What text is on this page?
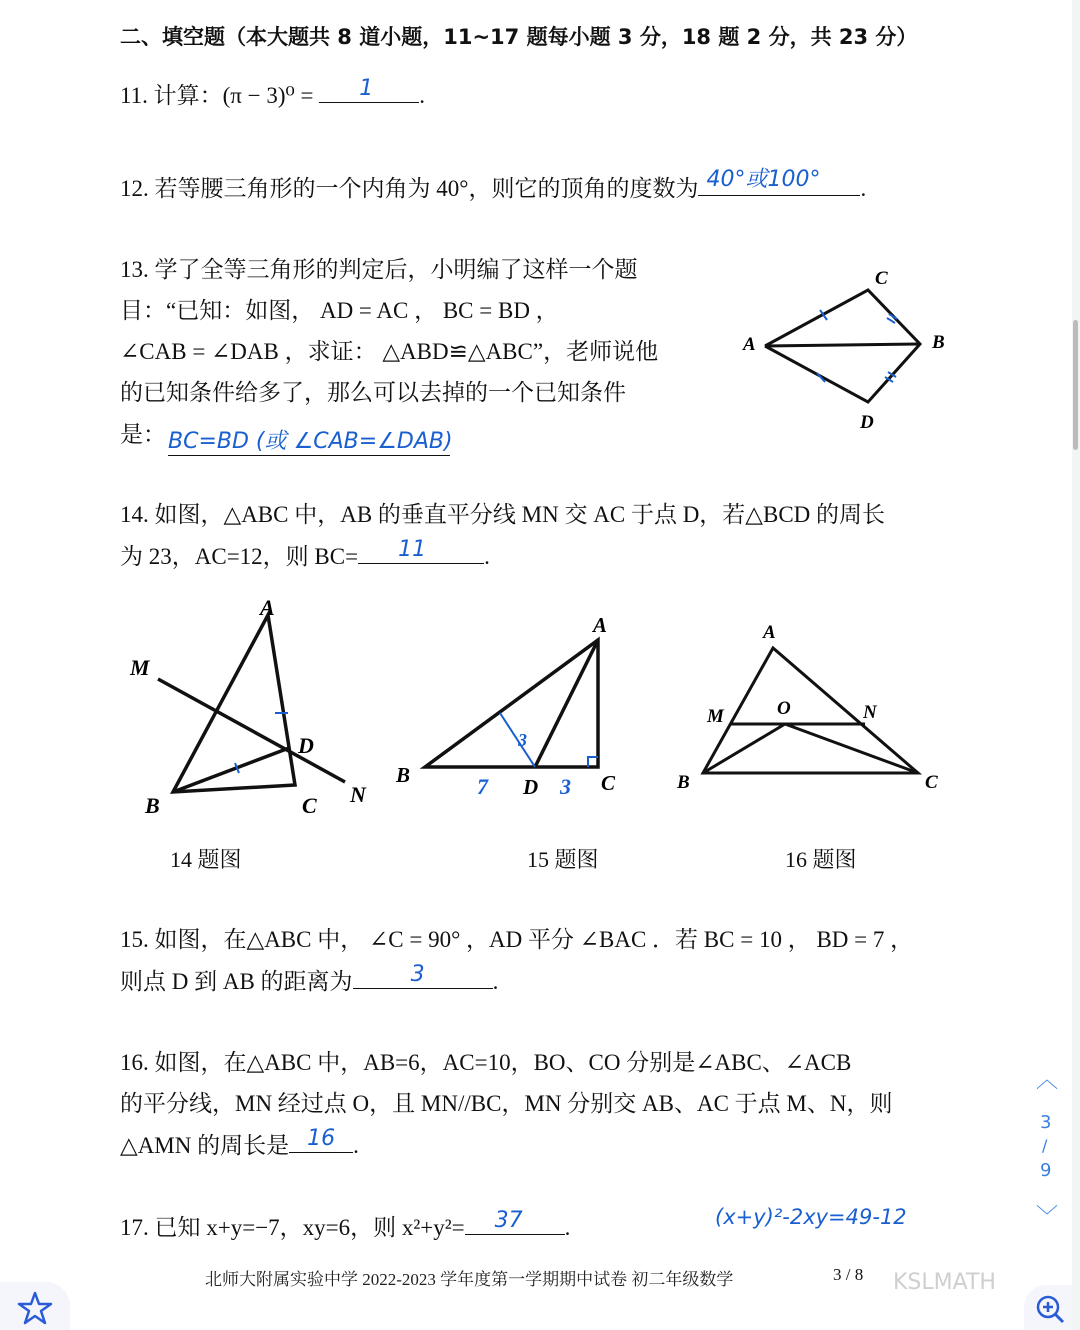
二、填空题（本大题共 8 道小题，11~17 题每小题 3 分，18 题 2 分，共 23 分）
11. 计算：(π − 3)⁰ = 1 .
12. 若等腰三角形的一个内角为 40°，则它的顶角的度数为 40°或100° .
13. 学了全等三角形的判定后，小明编了这样一个题
目：“已知：如图， AD = AC ， BC = BD ，
∠CAB = ∠DAB ，求证： △ABD≌△ABC”，老师说他
的已知条件给多了，那么可以去掉的一个已知条件
是： BC=BD (或 ∠CAB=∠DAB)
A	B
C
D
14. 如图，△ABC 中，AB 的垂直平分线 MN 交 AC 于点 D，若△BCD 的周长
为 23，AC=12，则 BC= 11	.
A
B	C
D
M
N
A
B	C
D
7	3
3
A
B	C
O
M	N
14 题图	15 题图	16 题图
15. 如图，在△ABC 中， ∠C = 90° ，AD 平分 ∠BAC ．若 BC = 10 ， BD = 7 ，
则点 D 到 AB 的距离为	3	.
16. 如图，在△ABC 中，AB=6，AC=10，BO、CO 分别是∠ABC、∠ACB
的平分线，MN 经过点 O，且 MN//BC，MN 分别交 AB、AC 于点 M、N，则
△AMN 的周长是 16 .
17. 已知 x+y=−7，xy=6，则 x²+y²= 37 .	(x+y)²-2xy=49-12
北师大附属实验中学 2022-2023 学年度第一学期期中试卷 初二年级数学	3 / 8 KSLMATH
︿
3
/
9
﹀
